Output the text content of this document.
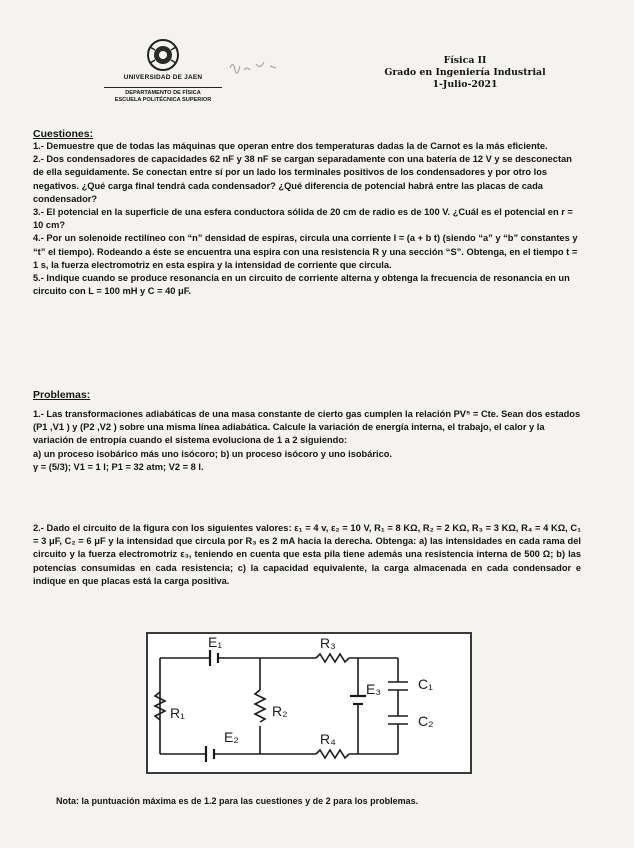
UNIVERSIDAD DE JAEN
DEPARTAMENTO DE FÍSICA
ESCUELA POLITÉCNICA SUPERIOR
Física II
Grado en Ingeniería Industrial
1-Julio-2021
Cuestiones:

1.- Demuestre que de todas las máquinas que operan entre dos temperaturas dadas la de Carnot es la más eficiente.

2.- Dos condensadores de capacidades 62 nF y 38 nF se cargan separadamente con una batería de 12 V y se desconectan de ella seguidamente. Se conectan entre sí por un lado los terminales positivos de los condensadores y por otro los negativos. ¿Qué carga final tendrá cada condensador? ¿Qué diferencia de potencial habrá entre las placas de cada condensador?

3.- El potencial en la superficie de una esfera conductora sólida de 20 cm de radio es de 100 V. ¿Cuál es el potencial en r = 10 cm?

4.- Por un solenoide rectilíneo con “n” densidad de espiras, circula una corriente I = (a + b t) (siendo “a” y “b” constantes y “t” el tiempo). Rodeando a éste se encuentra una espira con una resistencia R y una sección “S”. Obtenga, en el tiempo t = 1 s, la fuerza electromotriz en esta espira y la intensidad de corriente que circula.

5.- Indique cuando se produce resonancia en un circuito de corriente alterna y obtenga la frecuencia de resonancia en un circuito con L = 100 mH y C = 40 μF.

Problemas:

1.- Las transformaciones adiabáticas de una masa constante de cierto gas cumplen la relación PV⁵ = Cte. Sean dos estados (P1 ,V1 ) y (P2 ,V2 ) sobre una misma línea adiabática. Calcule la variación de energía interna, el trabajo, el calor y la variación de entropía cuando el sistema evoluciona de 1 a 2 siguiendo:

a) un proceso isobárico más uno isócoro; b) un proceso isócoro y uno isobárico.

γ = (5/3); V1 = 1 l; P1 = 32 atm; V2 = 8 l.

2.- Dado el circuito de la figura con los siguientes valores: ε₁ = 4 v, ε₂ = 10 V, R₁ = 8 KΩ, R₂ = 2 KΩ, R₃ = 3 KΩ, R₄ = 4 KΩ, C₁ = 3 μF, C₂ = 6 μF y la intensidad que circula por R₃ es 2 mA hacia la derecha. Obtenga: a) las intensidades en cada rama del circuito y la fuerza electromotriz ε₃, teniendo en cuenta que esta pila tiene además una resistencia interna de 500 Ω; b) las potencias consumidas en cada resistencia; c) la capacidad equivalente, la carga almacenada en cada condensador e indique en que placas está la carga positiva.

E₁	R₃
E₃	C₁
R₁	R₂
C₂
E₂	R₄
Nota: la puntuación máxima es de 1.2 para las cuestiones y de 2 para los problemas.
